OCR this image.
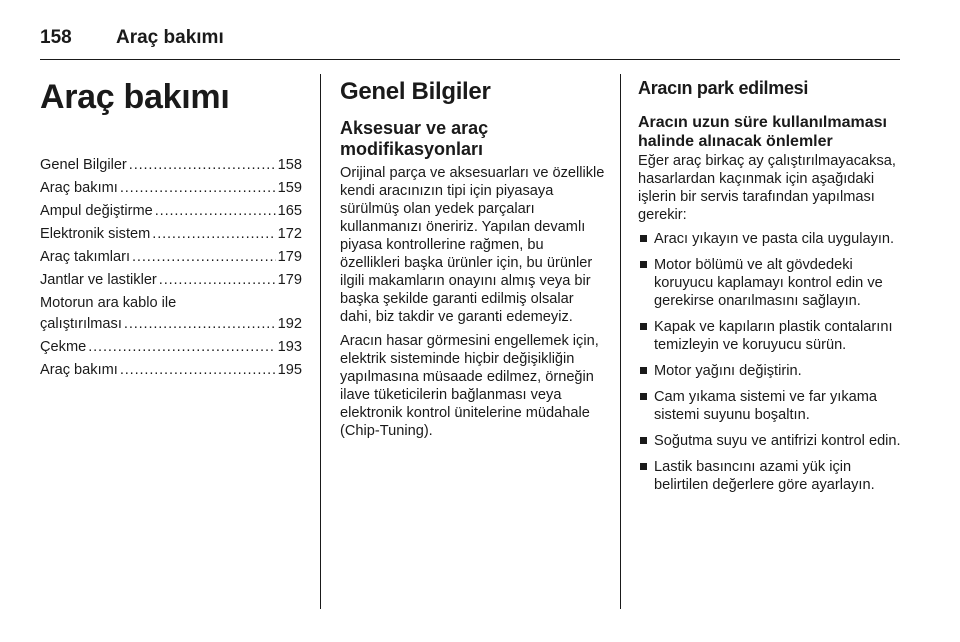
158	Araç bakımı
Araç bakımı
Genel Bilgiler . . .	158
Araç bakımı . . .	159
Ampul değiştirme . . .	165
Elektronik sistem . . .	172
Araç takımları . . .	179
Jantlar ve lastikler . . .	179
Motorun ara kablo ile
çalıştırılması . . .	192
Çekme . . .	193
Araç bakımı . . .	195
Genel Bilgiler
Aksesuar ve araç
modifikasyonları

Orijinal parça ve aksesuarları ve özellikle kendi aracınızın tipi için piyasaya sürülmüş olan yedek parçaları kullanmanızı öneririz. Yapılan devamlı piyasa kontrollerine rağmen, bu özellikleri başka ürünler için, bu ürünler ilgili makamların onayını almış veya bir başka şekilde garanti edilmiş olsalar dahi, biz takdir ve garanti edemeyiz.

Aracın hasar görmesini engellemek için, elektrik sisteminde hiçbir değişikliğin yapılmasına müsaade edilmez, örneğin ilave tüketicilerin bağlanması veya elektronik kontrol ünitelerine müdahale (Chip-Tuning).

Aracın park edilmesi
Aracın uzun süre kullanılmaması
halinde alınacak önlemler

Eğer araç birkaç ay çalıştırılmayacaksa, hasarlardan kaçınmak için aşağıdaki işlerin bir servis tarafından yapılması gerekir:

Aracı yıkayın ve pasta cila uygulayın.
Motor bölümü ve alt gövdedeki koruyucu kaplamayı kontrol edin ve gerekirse onarılmasını sağlayın.
Kapak ve kapıların plastik contalarını temizleyin ve koruyucu sürün.
Motor yağını değiştirin.
Cam yıkama sistemi ve far yıkama sistemi suyunu boşaltın.
Soğutma suyu ve antifrizi kontrol edin.
Lastik basıncını azami yük için belirtilen değerlere göre ayarlayın.
